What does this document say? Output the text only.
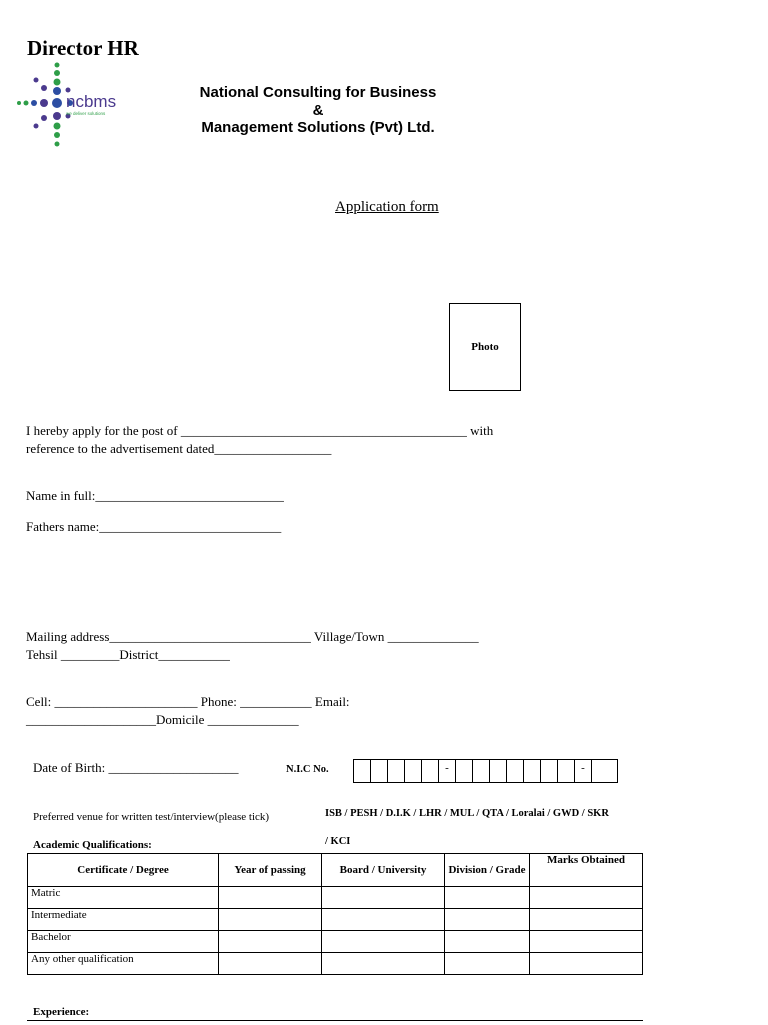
Director HR
ncbms
we deliver solutions
National Consulting for Business
&
Management Solutions (Pvt) Ltd.
Application form
Photo
I hereby apply for the post of ____________________________________________ with
reference to the advertisement dated__________________
Name in full:_____________________________
Fathers name:____________________________
Mailing address_______________________________ Village/Town ______________
Tehsil _________District___________
Cell: ______________________ Phone: ___________ Email:
____________________Domicile ______________
Date of Birth: ____________________	N.I.C No.	-	-
Preferred venue for written test/interview(please tick)	ISB / PESH / D.I.K / LHR / MUL / QTA / Loralai / GWD / SKR
/ KCI
Academic Qualifications:
Certificate / Degree	Year of passing	Board / University	Division / Grade	Marks Obtained
Matric				
Intermediate				
Bachelor				
Any other qualification				
Experience:
